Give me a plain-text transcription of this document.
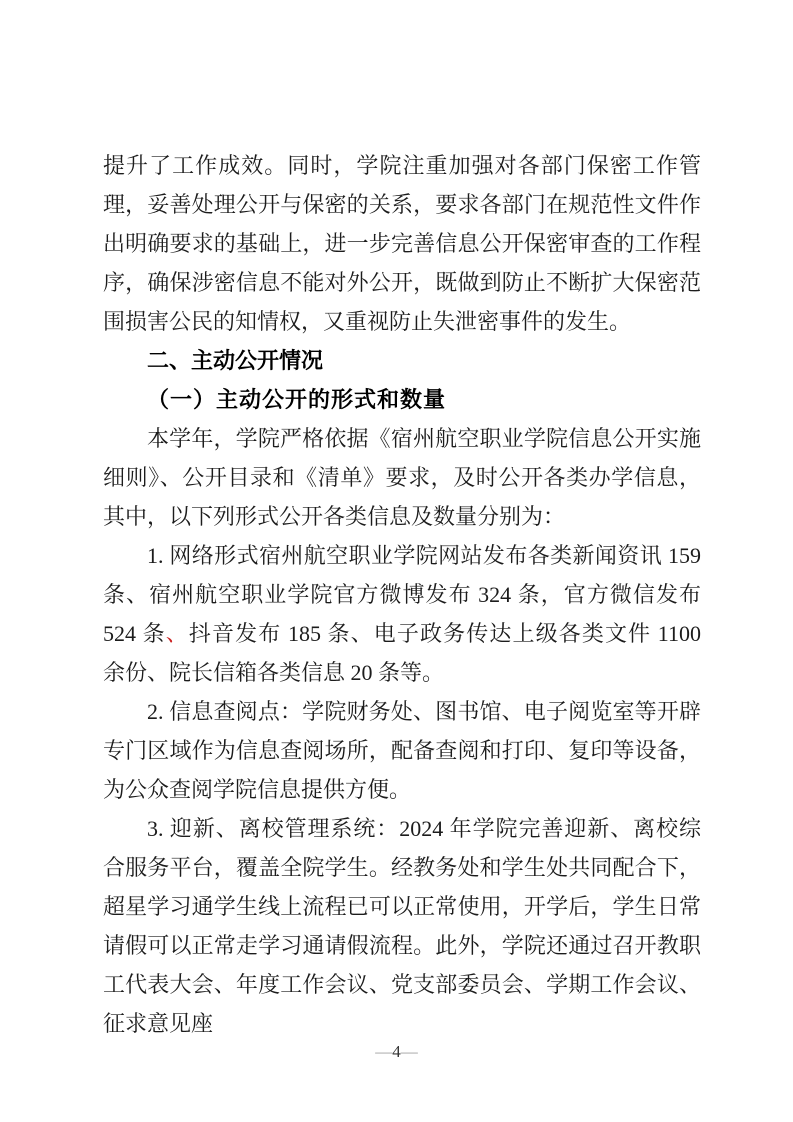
提升了工作成效。同时，学院注重加强对各部门保密工作管理，妥善处理公开与保密的关系，要求各部门在规范性文件作出明确要求的基础上，进一步完善信息公开保密审查的工作程序，确保涉密信息不能对外公开，既做到防止不断扩大保密范围损害公民的知情权，又重视防止失泄密事件的发生。

二、主动公开情况

（一）主动公开的形式和数量

本学年，学院严格依据《宿州航空职业学院信息公开实施细则》、公开目录和《清单》要求，及时公开各类办学信息，其中，以下列形式公开各类信息及数量分别为：

1. 网络形式宿州航空职业学院网站发布各类新闻资讯 159 条、宿州航空职业学院官方微博发布 324 条，官方微信发布 524 条、抖音发布 185 条、电子政务传达上级各类文件 1100 余份、院长信箱各类信息 20 条等。

2. 信息查阅点：学院财务处、图书馆、电子阅览室等开辟专门区域作为信息查阅场所，配备查阅和打印、复印等设备，为公众查阅学院信息提供方便。

3. 迎新、离校管理系统：2024 年学院完善迎新、离校综合服务平台，覆盖全院学生。经教务处和学生处共同配合下，超星学习通学生线上流程已可以正常使用，开学后，学生日常请假可以正常走学习通请假流程。此外，学院还通过召开教职工代表大会、年度工作会议、党支部委员会、学期工作会议、征求意见座

—4—
